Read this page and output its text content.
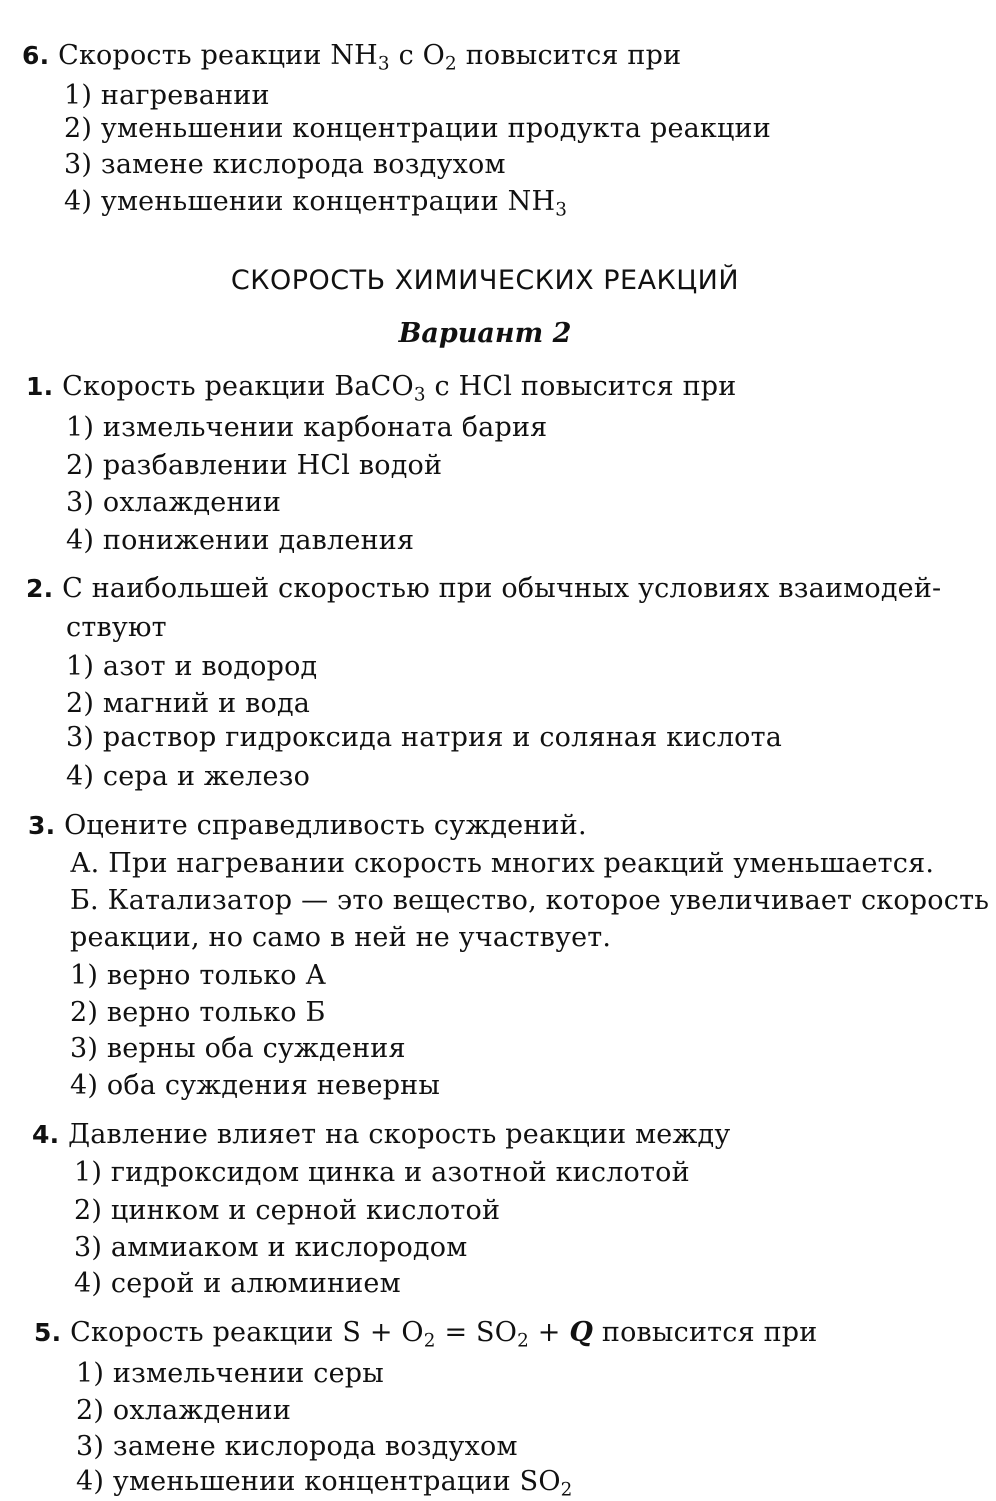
6. Скорость реакции $NH_3$ с $O_2$ повысится при
1) нагревании
2) уменьшении концентрации продукта реакции
3) замене кислорода воздухом
4) уменьшении концентрации $NH_3$
СКОРОСТЬ ХИМИЧЕСКИХ РЕАКЦИЙ
Вариант 2
1. Скорость реакции BaCO$_3$ с HCl повысится при
1) измельчении карбоната бария
2) разбавлении HCl водой
3) охлаждении
4) понижении давления
2. С наибольшей скоростью при обычных условиях взаимодей-
ствуют
1) азот и водород
2) магний и вода
3) раствор гидроксида натрия и соляная кислота
4) сера и железо
3. Оцените справедливость суждений.
А. При нагревании скорость многих реакций уменьшается.
Б. Катализатор — это вещество, которое увеличивает скорость
реакции, но само в ней не участвует.
1) верно только А
2) верно только Б
3) верны оба суждения
4) оба суждения неверны
4. Давление влияет на скорость реакции между
1) гидроксидом цинка и азотной кислотой
2) цинком и серной кислотой
3) аммиаком и кислородом
4) серой и алюминием
5. Скорость реакции $S + O_2 = SO_2 + Q$ повысится при
1) измельчении серы
2) охлаждении
3) замене кислорода воздухом
4) уменьшении концентрации $SO_2$
